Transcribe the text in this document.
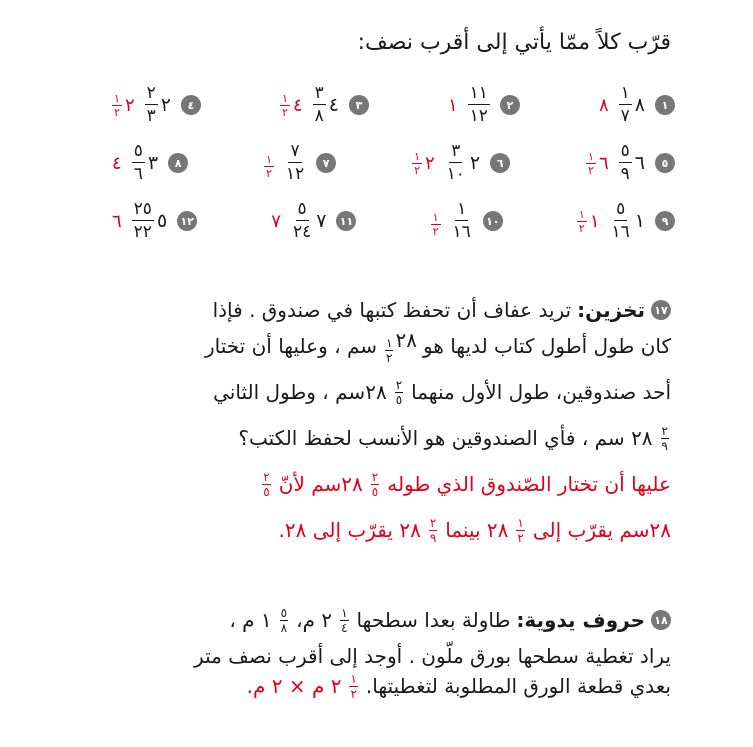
قرّب كلاً ممّا يأتي إلى أقرب نصف:
١
٨
$\frac{١}{٧}$
٨
٢
$\frac{١١}{١٢}$
١
٣
٤
$\frac{٣}{٨}$
٤
$\frac{١}{٢}$
٤
٢
$\frac{٢}{٣}$
٢
$\frac{١}{٢}$
٥
٦
$\frac{٥}{٩}$
٦
$\frac{١}{٢}$
٦
٢
$\frac{٣}{١٠}$
٢
$\frac{١}{٢}$
٧
$\frac{٧}{١٢}$
$\frac{١}{٢}$
٨
٣
$\frac{٥}{٦}$
٤
٩
١
$\frac{٥}{١٦}$
١
$\frac{١}{٢}$
١٠
$\frac{١}{١٦}$
$\frac{١}{٢}$
١١
٧
$\frac{٥}{٢٤}$
٧
١٢
٥
$\frac{٢٥}{٢٢}$
٦
١٧
تخزين:
تريد عفاف أن تحفظ كتبها في صندوق . فإذا
كان طول أطول كتاب لديها هو
٢٨
$\frac{١}{٢}$
سم ، وعليها أن تختار
أحد صندوقين، طول الأول منهما
$\frac{٢}{٥}$
٢٨سم ، وطول الثاني
$\frac{٢}{٩}$
٢٨ سم ، فأي الصندوقين هو الأنسب لحفظ الكتب؟
عليها أن تختار الصّندوق الذي طوله
$\frac{٢}{٥}$
٢٨سم لأنّ
$\frac{٢}{٥}$
٢٨سم يقرّب إلى
$\frac{١}{٢}$
٢٨ بينما
$\frac{٢}{٩}$
٢٨ يقرّب إلى ٢٨.
١٨
حروف يدوية:
طاولة بعدا سطحها
$\frac{١}{٤}$
٢ م،
$\frac{٥}{٨}$
١ م ،
يراد تغطية سطحها بورق ملّون . أوجد إلى أقرب نصف متر
بعدي قطعة الورق المطلوبة لتغطيتها.
$\frac{١}{٢}$
٢ م × ٢ م.
